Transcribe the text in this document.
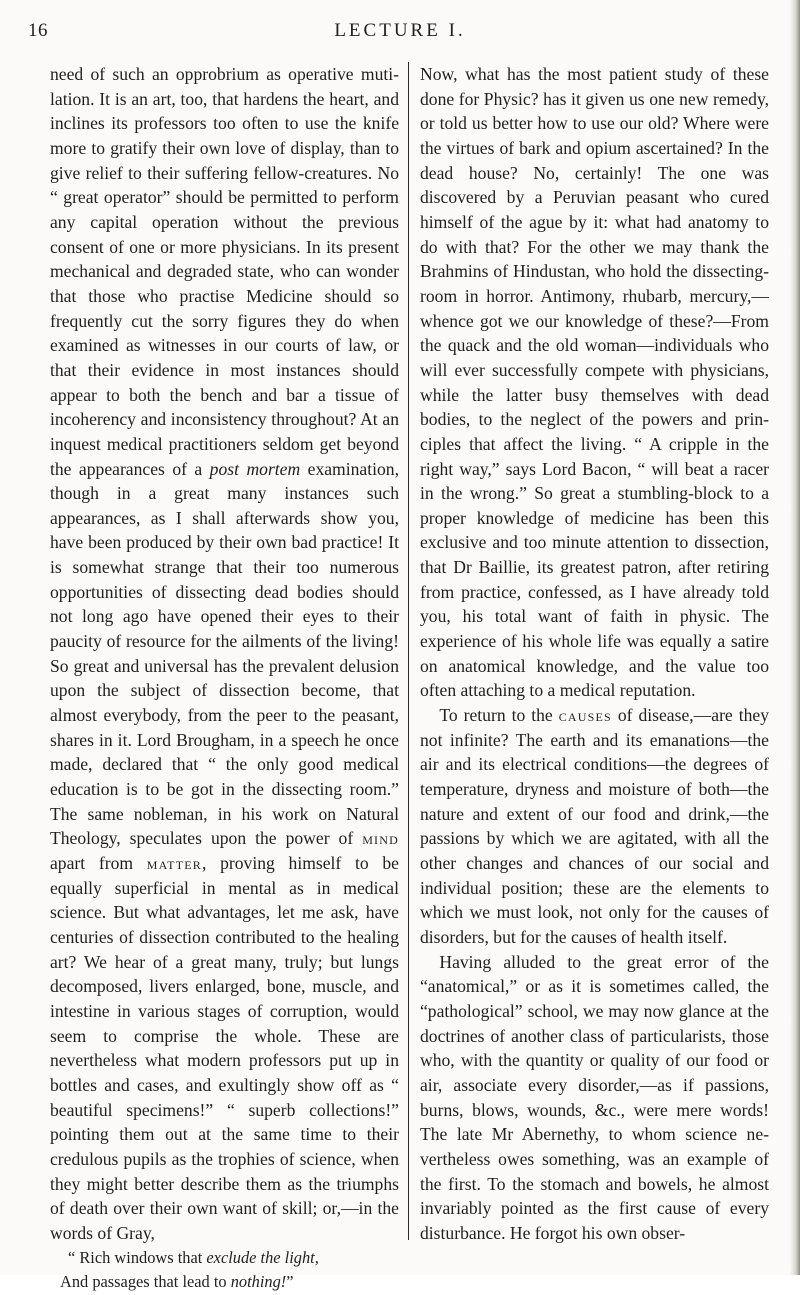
16	LECTURE I.

need of such an opprobrium as operative mutilation. It is an art, too, that hardens the heart, and inclines its professors too often to use the knife more to gratify their own love of display, than to give relief to their suffering fellow-creatures. No “ great operator” should be permitted to perform any capital operation without the previous consent of one or more physicians. In its present mechanical and degraded state, who can wonder that those who practise Medicine should so frequently cut the sorry figures they do when examined as witnesses in our courts of law, or that their evidence in most instances should appear to both the bench and bar a tissue of incoherency and inconsistency throughout? At an inquest medical practitioners seldom get beyond the appearances of a post mortem examination, though in a great many instances such appearances, as I shall afterwards show you, have been produced by their own bad practice! It is somewhat strange that their too numerous opportunities of dissecting dead bodies should not long ago have opened their eyes to their paucity of resource for the ailments of the living! So great and universal has the prevalent delusion upon the subject of dissection become, that almost everybody, from the peer to the peasant, shares in it. Lord Brougham, in a speech he once made, declared that “ the only good medical education is to be got in the dissecting room.” The same nobleman, in his work on Natural Theology, speculates upon the power of mind apart from matter, proving himself to be equally superficial in mental as in medical science. But what advantages, let me ask, have centuries of dissection contributed to the healing art? We hear of a great many, truly; but lungs decomposed, livers enlarged, bone, muscle, and intestine in various stages of corruption, would seem to comprise the whole. These are nevertheless what modern professors put up in bottles and cases, and exultingly show off as “ beautiful specimens!” “ superb collections!” pointing them out at the same time to their credulous pupils as the trophies of science, when they might better describe them as the triumphs of death over their own want of skill; or,—in the words of Gray,

“ Rich windows that exclude the light,

And passages that lead to nothing!”

Now, what has the most patient study of these done for Physic? has it given us one new remedy, or told us better how to use our old? Where were the virtues of bark and opium ascertained? In the dead house? No, certainly! The one was discovered by a Peruvian peasant who cured himself of the ague by it: what had anatomy to do with that? For the other we may thank the Brahmins of Hindustan, who hold the dissecting-room in horror. Antimony, rhubarb, mercury,—whence got we our knowledge of these?—From the quack and the old woman—individuals who will ever successfully compete with physicians, while the latter busy themselves with dead bodies, to the neglect of the powers and principles that affect the living. “ A cripple in the right way,” says Lord Bacon, “ will beat a racer in the wrong.” So great a stumbling-block to a proper knowledge of medicine has been this exclusive and too minute attention to dissection, that Dr Baillie, its greatest patron, after retiring from practice, confessed, as I have already told you, his total want of faith in physic. The experience of his whole life was equally a satire on anatomical knowledge, and the value too often attaching to a medical reputation.

To return to the causes of disease,—are they not infinite? The earth and its emanations—the air and its electrical conditions—the degrees of temperature, dryness and moisture of both—the nature and extent of our food and drink,—the passions by which we are agitated, with all the other changes and chances of our social and individual position; these are the elements to which we must look, not only for the causes of disorders, but for the causes of health itself.

Having alluded to the great error of the “anatomical,” or as it is sometimes called, the “pathological” school, we may now glance at the doctrines of another class of particularists, those who, with the quantity or quality of our food or air, associate every disorder,—as if passions, burns, blows, wounds, &c., were mere words! The late Mr Abernethy, to whom science nevertheless owes something, was an example of the first. To the stomach and bowels, he almost invariably pointed as the first cause of every disturbance. He forgot his own obser-
